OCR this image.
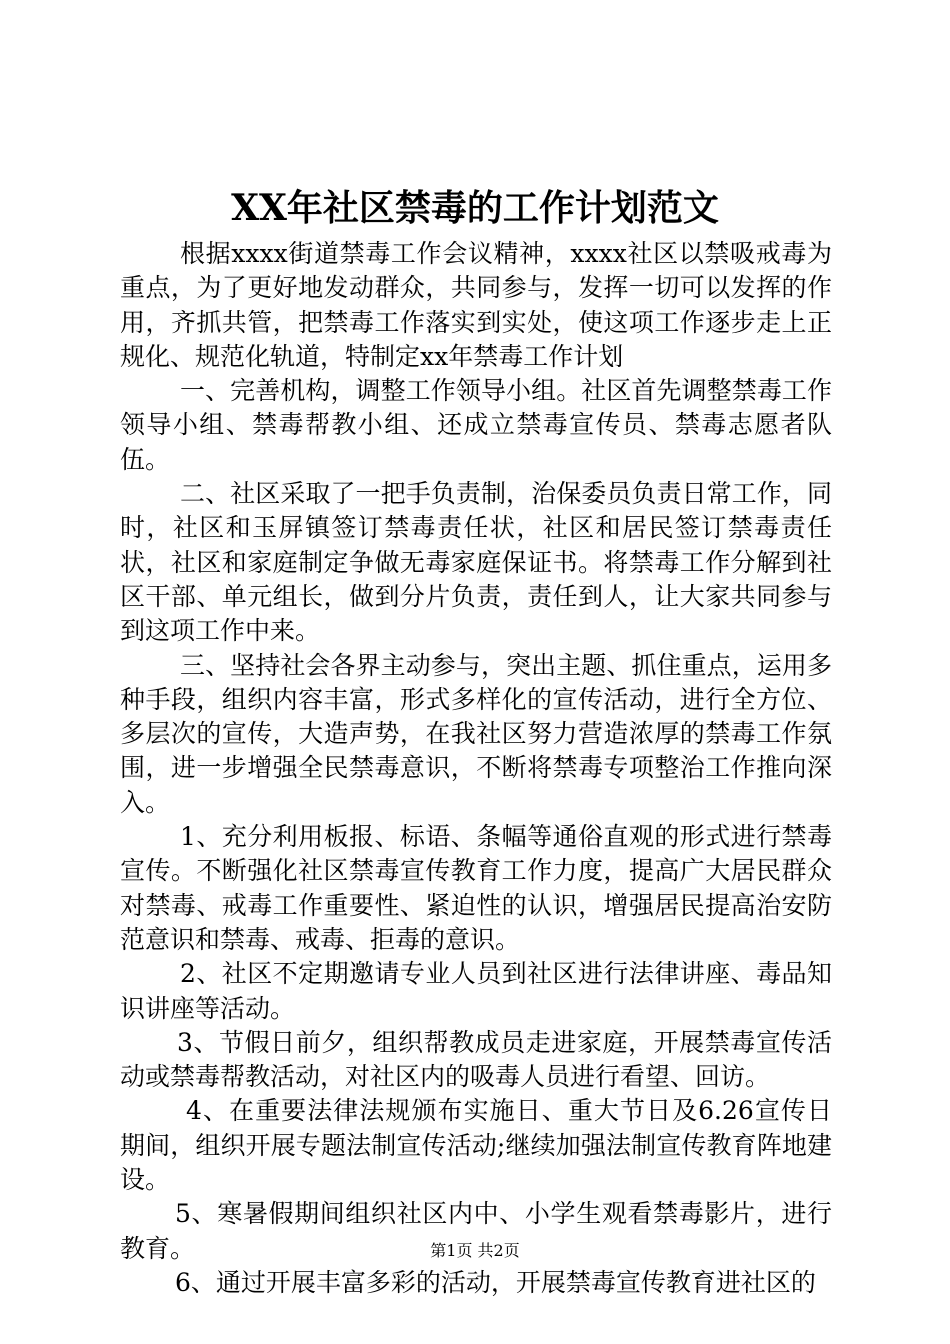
XX年社区禁毒的工作计划范文

根据xxxx街道禁毒工作会议精神，xxxx社区以禁吸戒毒为重点，为了更好地发动群众，共同参与，发挥一切可以发挥的作用，齐抓共管，把禁毒工作落实到实处，使这项工作逐步走上正规化、规范化轨道，特制定xx年禁毒工作计划

一、完善机构，调整工作领导小组。社区首先调整禁毒工作领导小组、禁毒帮教小组、还成立禁毒宣传员、禁毒志愿者队伍。

二、社区采取了一把手负责制，治保委员负责日常工作，同时，社区和玉屏镇签订禁毒责任状，社区和居民签订禁毒责任状，社区和家庭制定争做无毒家庭保证书。将禁毒工作分解到社区干部、单元组长，做到分片负责，责任到人，让大家共同参与到这项工作中来。

三、坚持社会各界主动参与，突出主题、抓住重点，运用多种手段，组织内容丰富，形式多样化的宣传活动，进行全方位、多层次的宣传，大造声势，在我社区努力营造浓厚的禁毒工作氛围，进一步增强全民禁毒意识，不断将禁毒专项整治工作推向深入。

1、充分利用板报、标语、条幅等通俗直观的形式进行禁毒宣传。不断强化社区禁毒宣传教育工作力度，提高广大居民群众对禁毒、戒毒工作重要性、紧迫性的认识，增强居民提高治安防范意识和禁毒、戒毒、拒毒的意识。

2、社区不定期邀请专业人员到社区进行法律讲座、毒品知识讲座等活动。

3、节假日前夕，组织帮教成员走进家庭，开展禁毒宣传活动或禁毒帮教活动，对社区内的吸毒人员进行看望、回访。

4、在重要法律法规颁布实施日、重大节日及6.26宣传日期间，组织开展专题法制宣传活动;继续加强法制宣传教育阵地建设。

5、寒暑假期间组织社区内中、小学生观看禁毒影片，进行教育。

6、通过开展丰富多彩的活动，开展禁毒宣传教育进社区的

第1页 共2页
